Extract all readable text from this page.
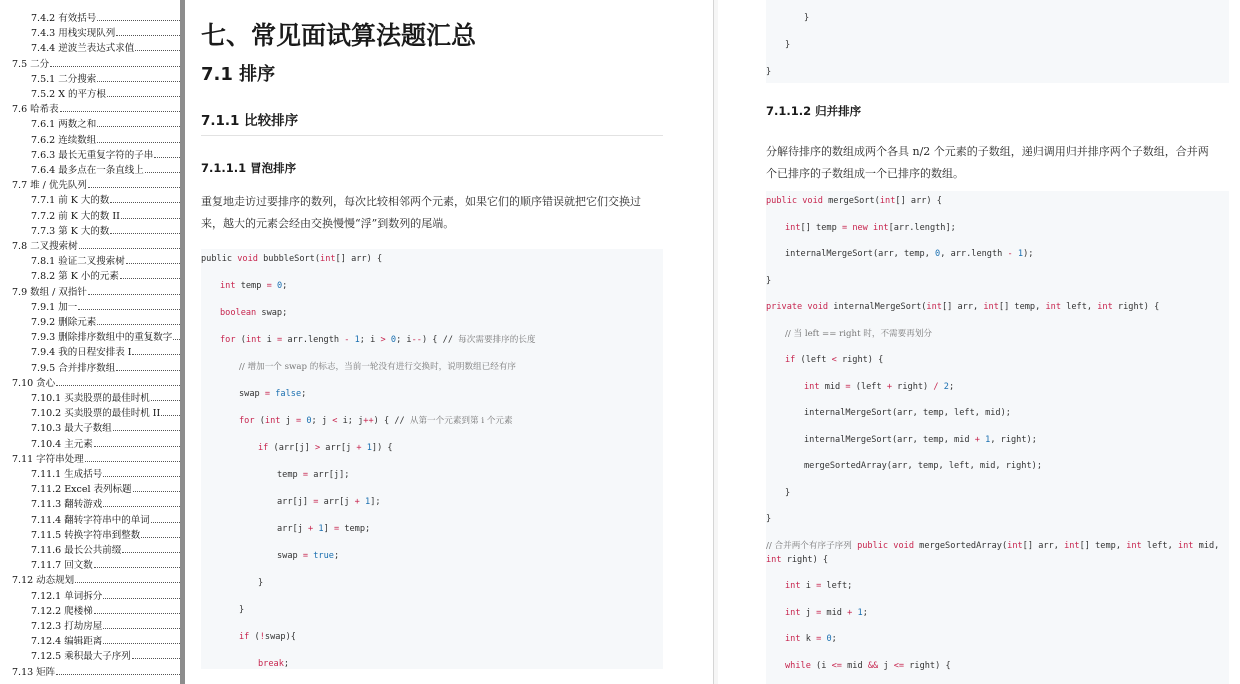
7.4.2 有效括号
7.4.3 用栈实现队列
7.4.4 逆波兰表达式求值
7.5 二分
7.5.1 二分搜索
7.5.2 X 的平方根
7.6 哈希表
7.6.1 两数之和
7.6.2 连续数组
7.6.3 最长无重复字符的子串
7.6.4 最多点在一条直线上
7.7 堆 / 优先队列
7.7.1 前 K 大的数
7.7.2 前 K 大的数 II
7.7.3 第 K 大的数
7.8 二叉搜索树
7.8.1 验证二叉搜索树
7.8.2 第 K 小的元素
7.9 数组 / 双指针
7.9.1 加一
7.9.2 删除元素
7.9.3 删除排序数组中的重复数字
7.9.4 我的日程安排表 I
7.9.5 合并排序数组
7.10 贪心
7.10.1 买卖股票的最佳时机
7.10.2 买卖股票的最佳时机 II
7.10.3 最大子数组
7.10.4 主元素
7.11 字符串处理
7.11.1 生成括号
7.11.2 Excel 表列标题
7.11.3 翻转游戏
7.11.4 翻转字符串中的单词
7.11.5 转换字符串到整数
7.11.6 最长公共前缀
7.11.7 回文数
7.12 动态规划
7.12.1 单词拆分
7.12.2 爬楼梯
7.12.3 打劫房屋
7.12.4 编辑距离
7.12.5 乘积最大子序列
7.13 矩阵
七、常见面试算法题汇总
7.1 排序
7.1.1 比较排序
7.1.1.1 冒泡排序

重复地走访过要排序的数列，每次比较相邻两个元素，如果它们的顺序错误就把它们交换过

来，越大的元素会经由交换慢慢“浮”到数列的尾端。

public void bubbleSort(int[] arr) {
int temp = 0;
boolean swap;
for (int i = arr.length - 1; i > 0; i--) { // 每次需要排序的长度
// 增加一个 swap 的标志，当前一轮没有进行交换时，说明数组已经有序
swap = false;
for (int j = 0; j < i; j++) { // 从第一个元素到第 i 个元素
if (arr[j] > arr[j + 1]) {
temp = arr[j];
arr[j] = arr[j + 1];
arr[j + 1] = temp;
swap = true;
}
}
if (!swap){
break;
}
}
}
7.1.1.2 归并排序

分解待排序的数组成两个各具 n/2 个元素的子数组，递归调用归并排序两个子数组，合并两

个已排序的子数组成一个已排序的数组。

public void mergeSort(int[] arr) {
int[] temp = new int[arr.length];
internalMergeSort(arr, temp, 0, arr.length - 1);
}
private void internalMergeSort(int[] arr, int[] temp, int left, int right) {
// 当 left == right 时，不需要再划分
if (left < right) {
int mid = (left + right) / 2;
internalMergeSort(arr, temp, left, mid);
internalMergeSort(arr, temp, mid + 1, right);
mergeSortedArray(arr, temp, left, mid, right);
}
}
// 合并两个有序子序列 public void mergeSortedArray(int[] arr, int[] temp, int left, int mid,
int right) {
int i = left;
int j = mid + 1;
int k = 0;
while (i <= mid && j <= right) {
